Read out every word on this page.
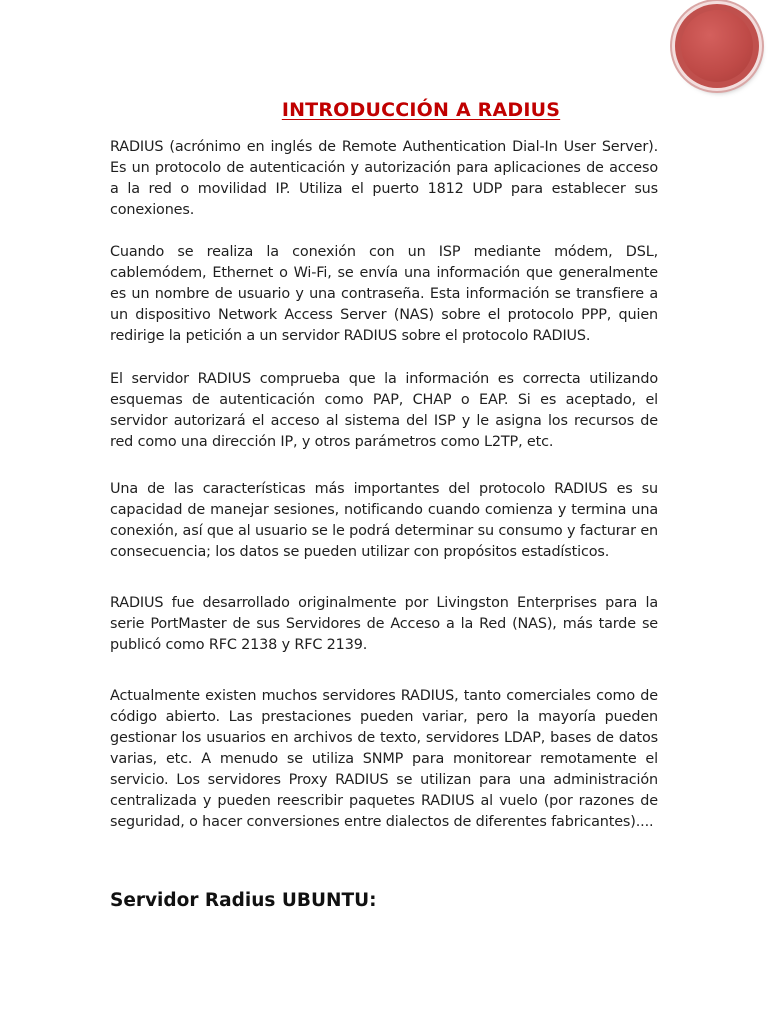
INTRODUCCIÓN A RADIUS

RADIUS (acrónimo en inglés de Remote Authentication Dial-In User Server). Es un protocolo de autenticación y autorización para aplicaciones de acceso a la red o movilidad IP. Utiliza el puerto 1812 UDP para establecer sus conexiones.

Cuando se realiza la conexión con un ISP mediante módem, DSL, cablemódem, Ethernet o Wi-Fi, se envía una información que generalmente es un nombre de usuario y una contraseña. Esta información se transfiere a un dispositivo Network Access Server (NAS) sobre el protocolo PPP, quien redirige la petición a un servidor RADIUS sobre el protocolo RADIUS.

El servidor RADIUS comprueba que la información es correcta utilizando esquemas de autenticación como PAP, CHAP o EAP. Si es aceptado, el servidor autorizará el acceso al sistema del ISP y le asigna los recursos de red como una dirección IP, y otros parámetros como L2TP, etc.

Una de las características más importantes del protocolo RADIUS es su capacidad de manejar sesiones, notificando cuando comienza y termina una conexión, así que al usuario se le podrá determinar su consumo y facturar en consecuencia; los datos se pueden utilizar con propósitos estadísticos.

RADIUS fue desarrollado originalmente por Livingston Enterprises para la serie PortMaster de sus Servidores de Acceso a la Red (NAS), más tarde se publicó como RFC 2138 y RFC 2139.

Actualmente existen muchos servidores RADIUS, tanto comerciales como de código abierto. Las prestaciones pueden variar, pero la mayoría pueden gestionar los usuarios en archivos de texto, servidores LDAP, bases de datos varias, etc. A menudo se utiliza SNMP para monitorear remotamente el servicio. Los servidores Proxy RADIUS se utilizan para una administración centralizada y pueden reescribir paquetes RADIUS al vuelo (por razones de seguridad, o hacer conversiones entre dialectos de diferentes fabricantes)....

Servidor Radius UBUNTU:
